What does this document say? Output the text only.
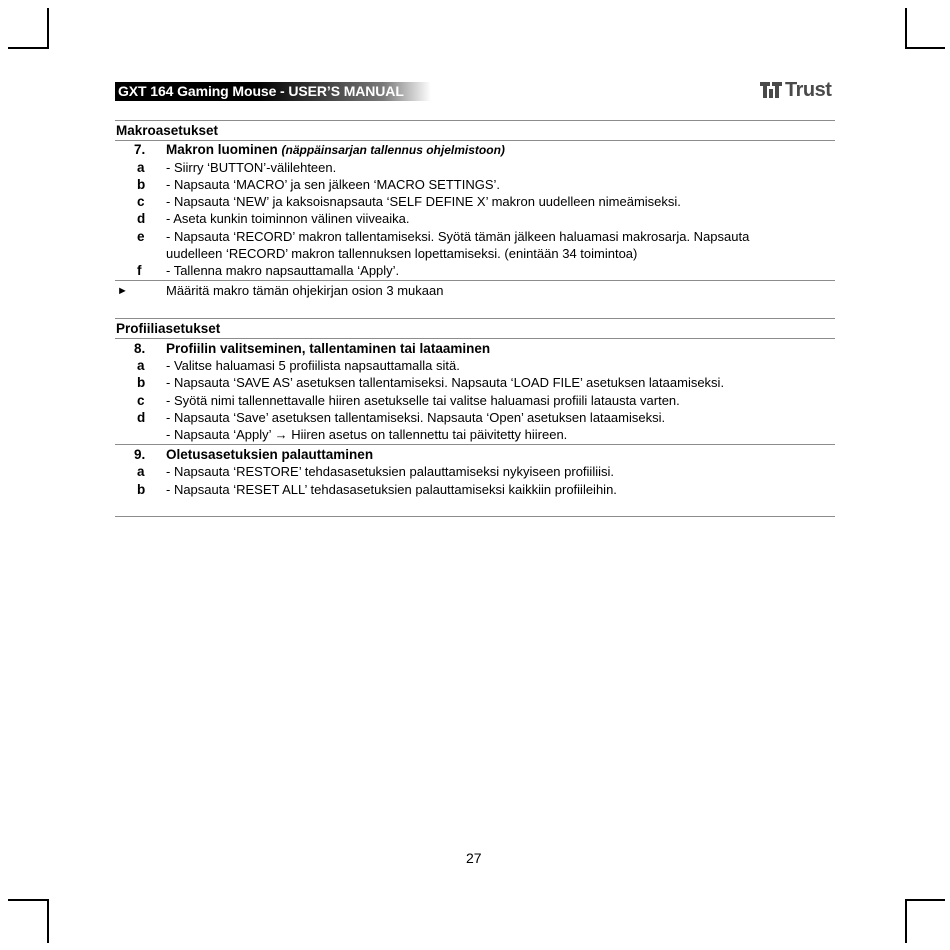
GXT 164 Gaming Mouse - USER’S MANUAL	Trust
Makroasetukset
7. Makron luominen (näppäinsarjan tallennus ohjelmistoon)
a - Siirry ‘BUTTON’-välilehteen.
b - Napsauta ‘MACRO’ ja sen jälkeen ‘MACRO SETTINGS’.
c - Napsauta ‘NEW’ ja kaksoisnapsauta ‘SELF DEFINE X’ makron uudelleen nimeämiseksi.
d - Aseta kunkin toiminnon välinen viiveaika.
e - Napsauta ‘RECORD’ makron tallentamiseksi. Syötä tämän jälkeen haluamasi makrosarja. Napsauta
uudelleen ‘RECORD’ makron tallennuksen lopettamiseksi. (enintään 34 toimintoa)
f - Tallenna makro napsauttamalla ‘Apply’.
►	Määritä makro tämän ohjekirjan osion 3 mukaan
Profiiliasetukset
8. Profiilin valitseminen, tallentaminen tai lataaminen
a - Valitse haluamasi 5 profiilista napsauttamalla sitä.
b - Napsauta ‘SAVE AS’ asetuksen tallentamiseksi. Napsauta ‘LOAD FILE’ asetuksen lataamiseksi.
c - Syötä nimi tallennettavalle hiiren asetukselle tai valitse haluamasi profiili latausta varten.
d - Napsauta ‘Save’ asetuksen tallentamiseksi. Napsauta ‘Open’ asetuksen lataamiseksi.
- Napsauta ‘Apply’ → Hiiren asetus on tallennettu tai päivitetty hiireen.
9. Oletusasetuksien palauttaminen
a - Napsauta ‘RESTORE’ tehdasasetuksien palauttamiseksi nykyiseen profiiliisi.
b - Napsauta ‘RESET ALL’ tehdasasetuksien palauttamiseksi kaikkiin profiileihin.
27
